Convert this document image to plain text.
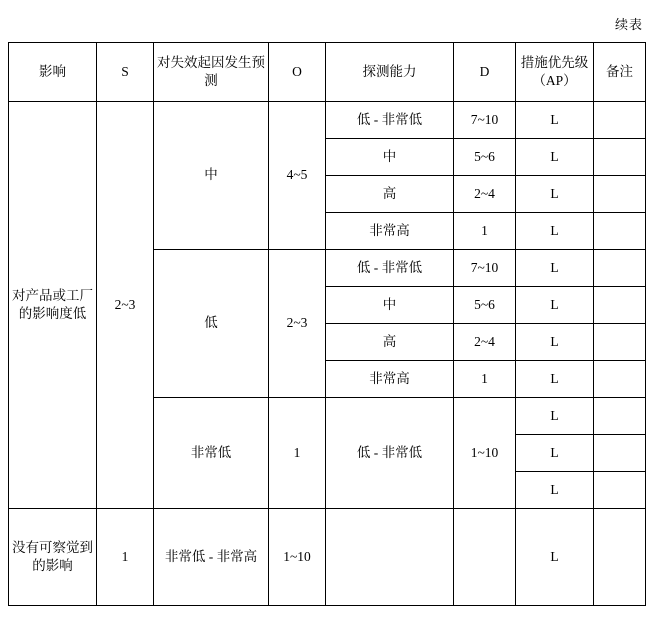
续表
影响	S	对失效起因发生预测	O	探测能力	D	措施优先级（AP）	备注
对产品或工厂的影响度低	2~3	中	4~5	低 - 非常低	7~10	L	
				中	5~6	L	
				高	2~4	L	
				非常高	1	L	
		低	2~3	低 - 非常低	7~10	L	
				中	5~6	L	
				高	2~4	L	
				非常高	1	L	
		非常低	1	低 - 非常低	1~10	L	
						L	
						L	
没有可察觉到的影响	1	非常低 - 非常高	1~10			L	
